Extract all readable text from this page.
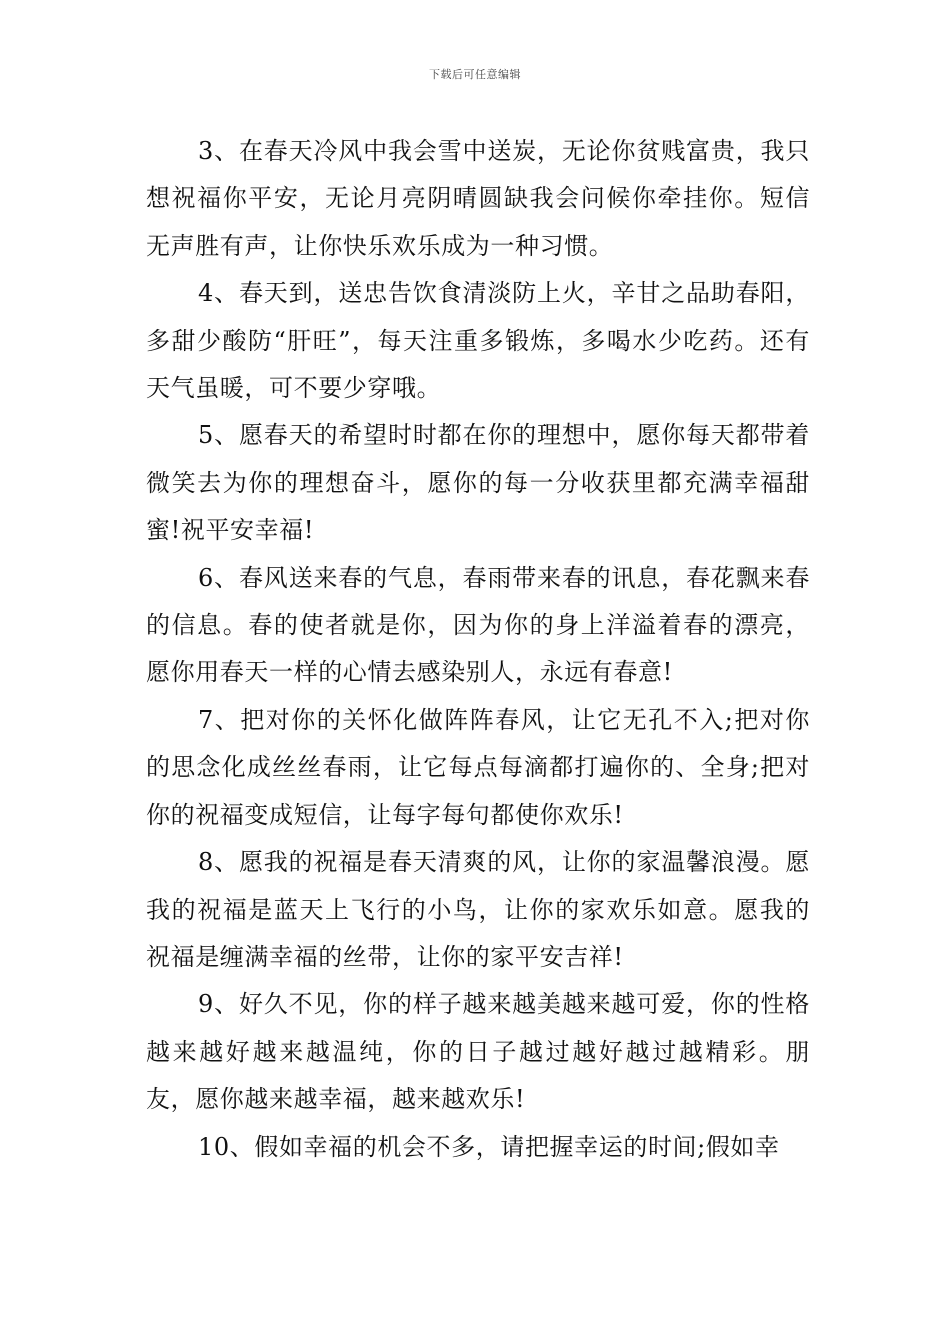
下载后可任意编辑

3、在春天冷风中我会雪中送炭，无论你贫贱富贵，我只想祝福你平安，无论月亮阴晴圆缺我会问候你牵挂你。短信无声胜有声，让你快乐欢乐成为一种习惯。

4、春天到，送忠告饮食清淡防上火，辛甘之品助春阳，多甜少酸防“肝旺”，每天注重多锻炼，多喝水少吃药。还有天气虽暖，可不要少穿哦。

5、愿春天的希望时时都在你的理想中，愿你每天都带着微笑去为你的理想奋斗，愿你的每一分收获里都充满幸福甜蜜!祝平安幸福!

6、春风送来春的气息，春雨带来春的讯息，春花飘来春的信息。春的使者就是你，因为你的身上洋溢着春的漂亮，愿你用春天一样的心情去感染别人，永远有春意!

7、把对你的关怀化做阵阵春风，让它无孔不入;把对你的思念化成丝丝春雨，让它每点每滴都打遍你的、全身;把对你的祝福变成短信，让每字每句都使你欢乐!

8、愿我的祝福是春天清爽的风，让你的家温馨浪漫。愿我的祝福是蓝天上飞行的小鸟，让你的家欢乐如意。愿我的祝福是缠满幸福的丝带，让你的家平安吉祥!

9、好久不见，你的样子越来越美越来越可爱，你的性格越来越好越来越温纯，你的日子越过越好越过越精彩。朋友，愿你越来越幸福，越来越欢乐!

10、假如幸福的机会不多，请把握幸运的时间;假如幸
